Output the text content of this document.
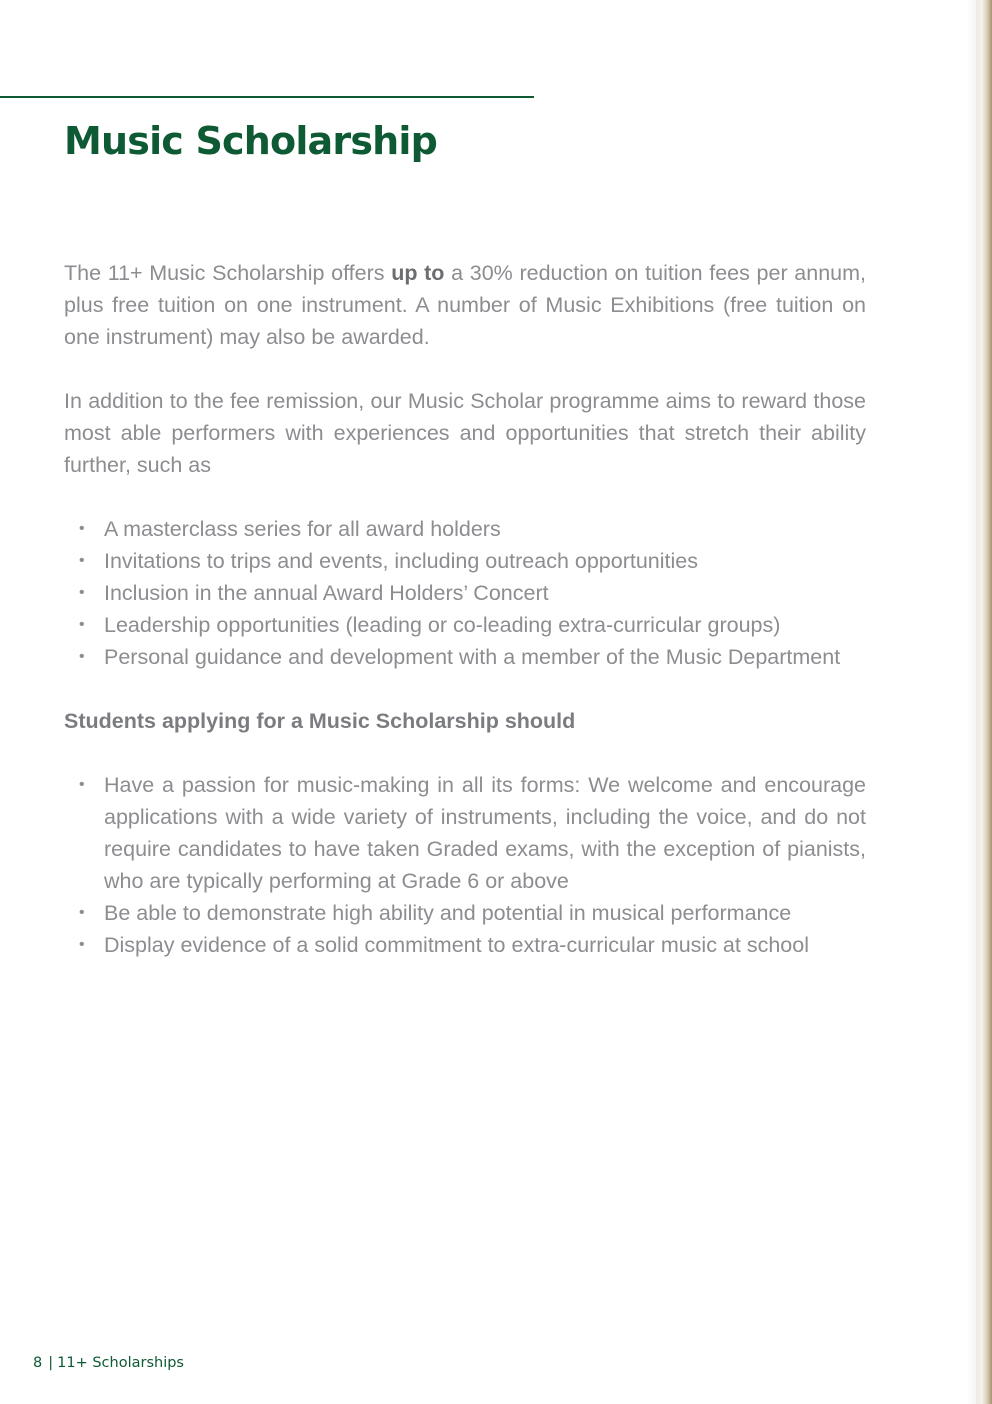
Music Scholarship

The 11+ Music Scholarship offers up to a 30% reduction on tuition fees per annum, plus free tuition on one instrument. A number of Music Exhibitions (free tuition on one instrument) may also be awarded.

In addition to the fee remission, our Music Scholar programme aims to reward those most able performers with experiences and opportunities that stretch their ability further, such as

• A masterclass series for all award holders
• Invitations to trips and events, including outreach opportunities
• Inclusion in the annual Award Holders’ Concert
• Leadership opportunities (leading or co-leading extra-curricular groups)
• Personal guidance and development with a member of the Music Department

Students applying for a Music Scholarship should

• Have a passion for music-making in all its forms: We welcome and encourage applications with a wide variety of instruments, including the voice, and do not require candidates to have taken Graded exams, with the exception of pianists, who are typically performing at Grade 6 or above
• Be able to demonstrate high ability and potential in musical performance
• Display evidence of a solid commitment to extra-curricular music at school
8 | 11+ Scholarships
